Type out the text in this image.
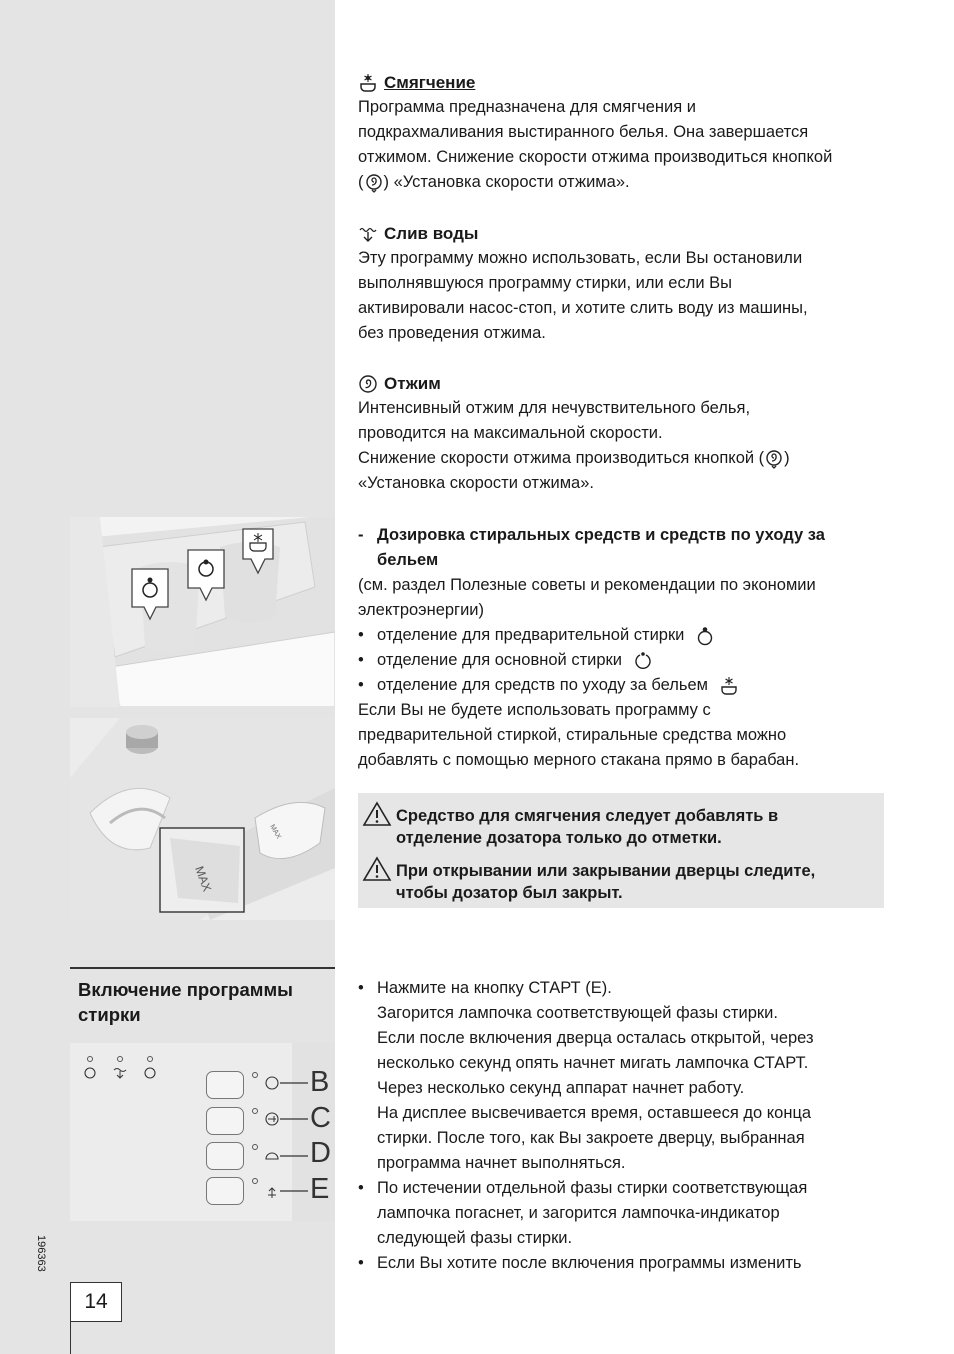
Смягчение

Программа предназначена для смягчения и

подкрахмаливания выстиранного белья. Она завершается

отжимом. Снижение скорости отжима производиться кнопкой

( ) «Установка скорости отжима».

Слив воды

Эту программу можно использовать, если Вы остановили

выполнявшуюся программу стирки, или если Вы

активировали насос-стоп, и хотите слить воду из машины,

без проведения отжима.

Отжим

Интенсивный отжим для нечувствительного белья,

проводится на максимальной скорости.

Снижение скорости отжима производиться кнопкой ( )

«Установка скорости отжима».

MAX
MAX
- Дозировка стиральных средств и средств по уходу за бельем

(см. раздел Полезные советы и рекомендации по экономии

электроэнергии)

• отделение для предварительной стирки

• отделение для основной стирки

• отделение для средств по уходу за бельем

Если Вы не будете использовать программу с

предварительной стиркой, стиральные средства можно

добавлять с помощью мерного стакана прямо в барабан.

Средство для смягчения следует добавлять в
отделение дозатора только до отметки.
При открывании или закрывании дверцы следите,
чтобы дозатор был закрыт.
Включение программы
стирки
B
C
D
E

• Нажмите на кнопку СТАРТ (E).

Загорится лампочка соответствующей фазы стирки.

Если после включения дверца осталась открытой, через

несколько секунд опять начнет мигать лампочка СТАРТ.

Через несколько секунд аппарат начнет работу.

На дисплее высвечивается время, оставшееся до конца

стирки. После того, как Вы закроете дверцу, выбранная

программа начнет выполняться.

• По истечении отдельной фазы стирки соответствующая

лампочка погаснет, и загорится лампочка-индикатор

следующей фазы стирки.

• Если Вы хотите после включения программы изменить

196363
14
